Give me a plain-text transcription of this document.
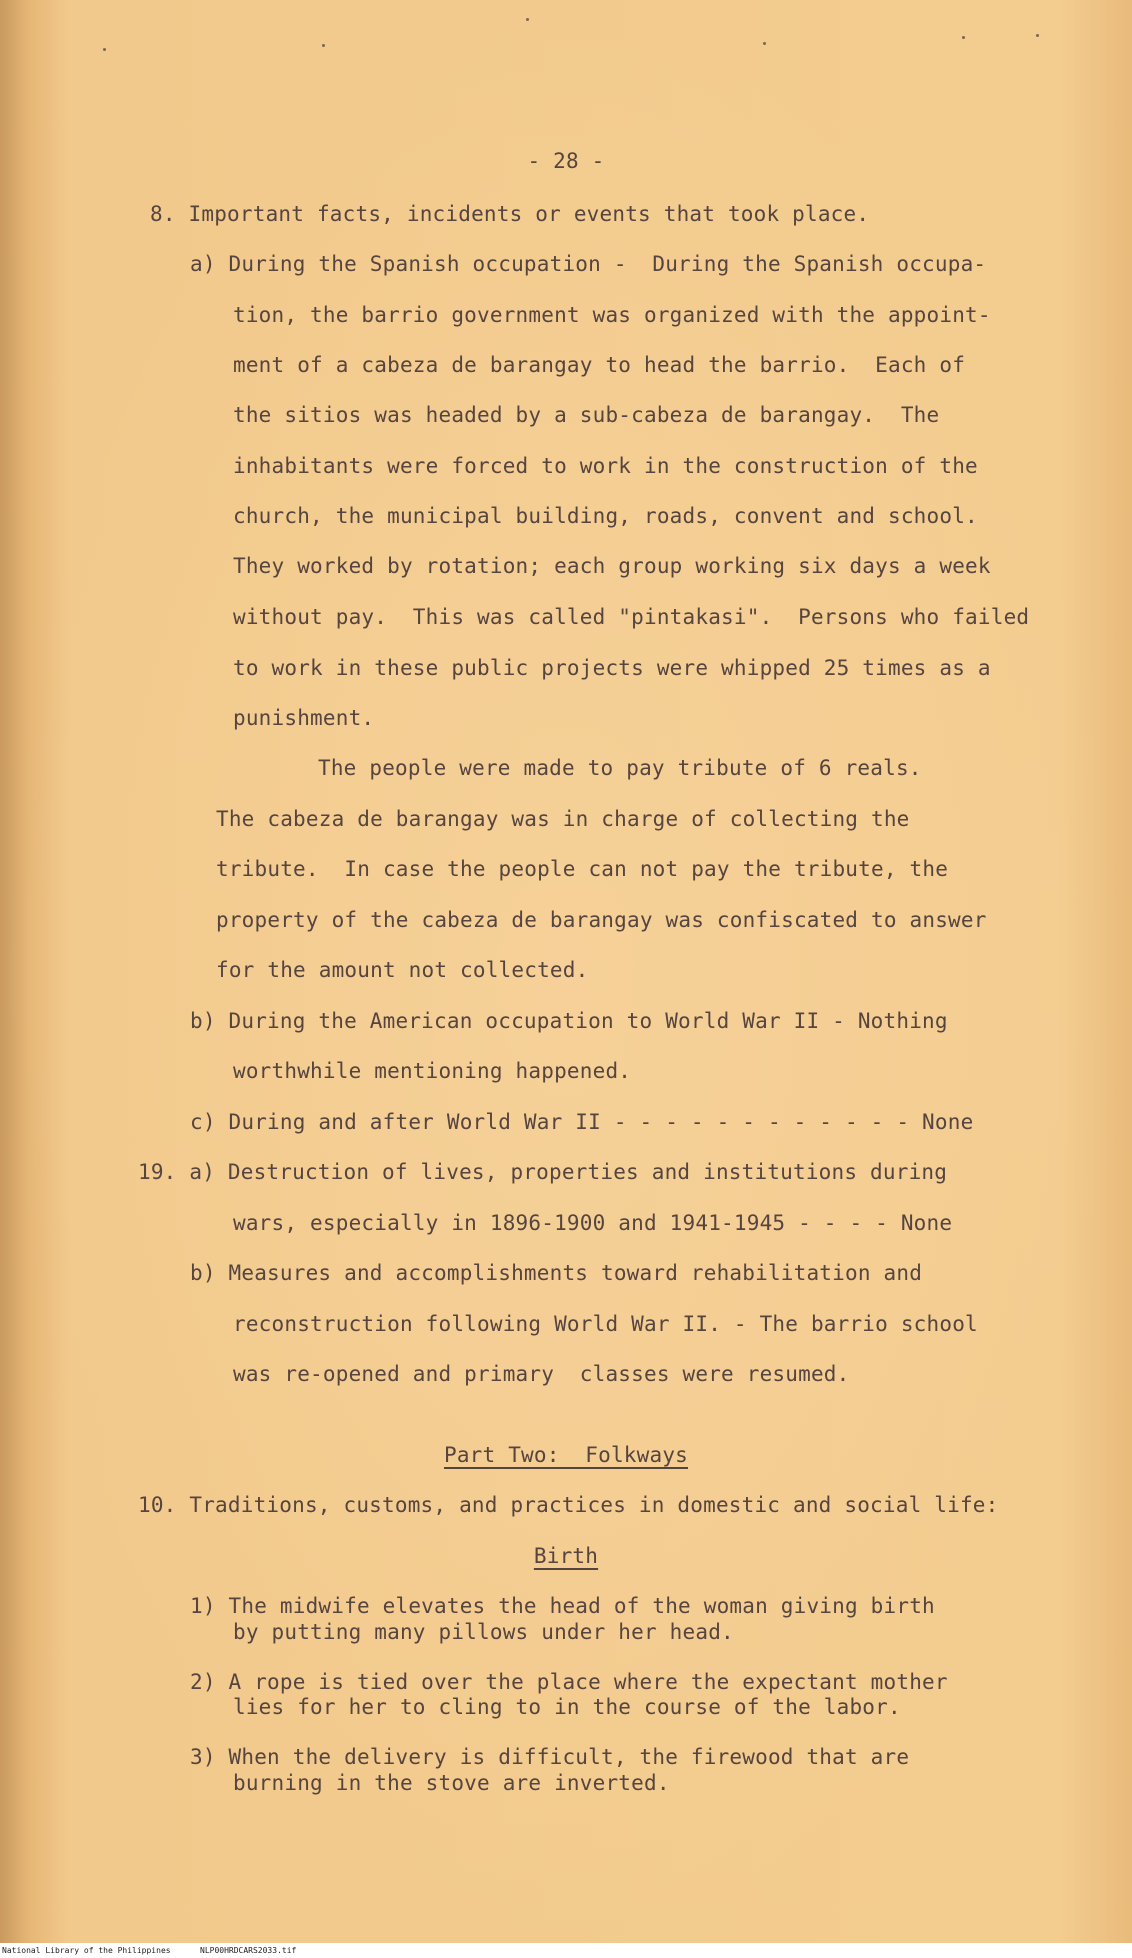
- 28 -
8. Important facts, incidents or events that took place.
a) During the Spanish occupation -  During the Spanish occupa-
tion, the barrio government was organized with the appoint-
ment of a cabeza de barangay to head the barrio.  Each of
the sitios was headed by a sub-cabeza de barangay.  The
inhabitants were forced to work in the construction of the
church, the municipal building, roads, convent and school.
They worked by rotation; each group working six days a week
without pay.  This was called "pintakasi".  Persons who failed
to work in these public projects were whipped 25 times as a
punishment.
The people were made to pay tribute of 6 reals.
The cabeza de barangay was in charge of collecting the
tribute.  In case the people can not pay the tribute, the
property of the cabeza de barangay was confiscated to answer
for the amount not collected.
b) During the American occupation to World War II - Nothing
worthwhile mentioning happened.
c) During and after World War II - - - - - - - - - - - - None
19. a) Destruction of lives, properties and institutions during
wars, especially in 1896-1900 and 1941-1945 - - - - None
b) Measures and accomplishments toward rehabilitation and
reconstruction following World War II. - The barrio school
was re-opened and primary  classes were resumed.
Part Two:  Folkways
10. Traditions, customs, and practices in domestic and social life:
Birth
1) The midwife elevates the head of the woman giving birth
by putting many pillows under her head.
2) A rope is tied over the place where the expectant mother
lies for her to cling to in the course of the labor.
3) When the delivery is difficult, the firewood that are
burning in the stove are inverted.
National Library of the Philippines	NLP00HRDCARS2033.tif
